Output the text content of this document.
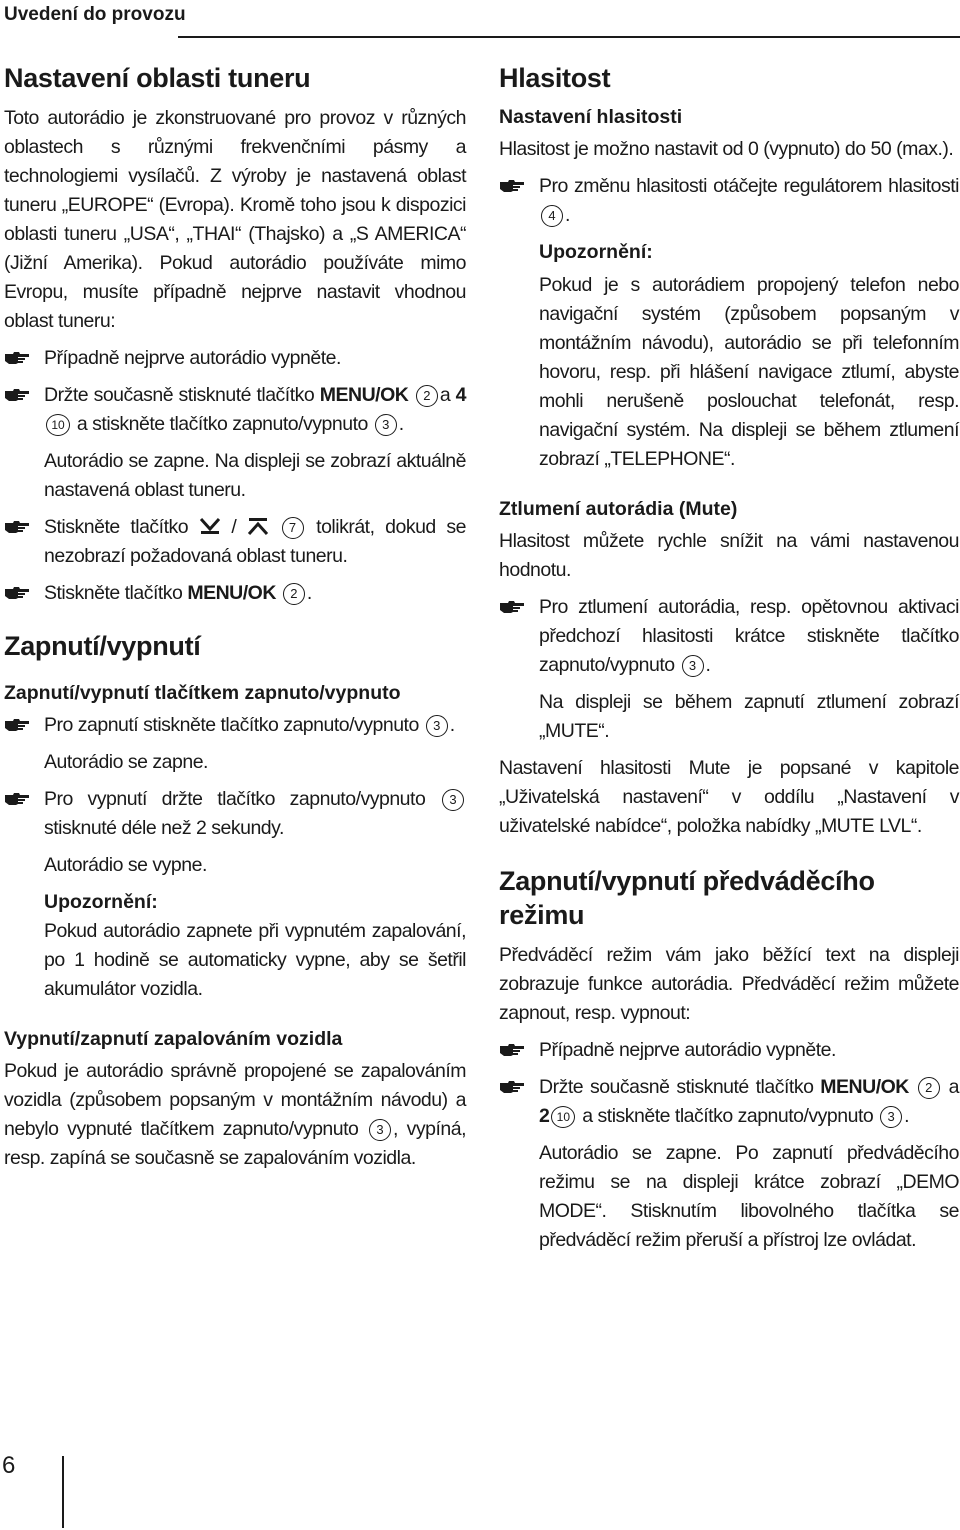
Uvedení do provozu
Nastavení oblasti tuneru

Toto autorádio je zkonstruované pro provoz v různých oblastech s různými frekvenčními pásmy a technologiemi vysílačů. Z výroby je nastavená oblast tuneru „EUROPE“ (Evropa). Kromě toho jsou k dispozici oblasti tuneru „USA“, „THAI“ (Thajsko) a „S AMERICA“ (Jižní Amerika). Pokud autorádio používáte mimo Evropu, musíte případně nejprve nastavit vhodnou oblast tuneru:

Případně nejprve autorádio vypněte.

Držte současně stisknuté tlačítko MENU/OK 2 a 410 a stiskněte tlačítko zapnuto/vypnuto 3 .

Autorádio se zapne. Na displeji se zobrazí aktuálně nastavená oblast tuneru.

Stiskněte tlačítko  /	7 tolikrát, dokud se nezobrazí požadovaná oblast tuneru.

Stiskněte tlačítko MENU/OK 2 .

Zapnutí/vypnutí
Zapnutí/vypnutí tlačítkem zapnuto/vypnuto

Pro zapnutí stiskněte tlačítko zapnuto/vypnuto 3 .

Autorádio se zapne.

Pro vypnutí držte tlačítko zapnuto/vypnuto 3 stisknuté déle než 2 sekundy.

Autorádio se vypne.

Upozornění:

Pokud autorádio zapnete při vypnutém zapalování, po 1 hodině se automaticky vypne, aby se šetřil akumulátor vozidla.

Vypnutí/zapnutí zapalováním vozidla

Pokud je autorádio správně propojené se zapalováním vozidla (způsobem popsaným v montážním návodu) a nebylo vypnuté tlačítkem zapnuto/vypnuto 3 , vypíná, resp. zapíná se současně se zapalováním vozidla.

Hlasitost
Nastavení hlasitosti

Hlasitost je možno nastavit od 0 (vypnuto) do 50 (max.).

Pro změnu hlasitosti otáčejte regulátorem hlasitosti 4 .

Upozornění:

Pokud je s autorádiem propojený telefon nebo navigační systém (způsobem popsaným v montážním návodu), autorádio se při telefonním hovoru, resp. při hlášení navigace ztlumí, abyste mohli nerušeně poslouchat telefonát, resp. navigační systém. Na displeji se během ztlumení zobrazí „TELEPHONE“.

Ztlumení autorádia (Mute)

Hlasitost můžete rychle snížit na vámi nastavenou hodnotu.

Pro ztlumení autorádia, resp. opětovnou aktivaci předchozí hlasitosti krátce stiskněte tlačítko zapnuto/vypnuto 3 .

Na displeji se během zapnutí ztlumení zobrazí „MUTE“.

Nastavení hlasitosti Mute je popsané v kapitole „Uživatelská nastavení“ v oddílu „Nastavení v uživatelské nabídce“, položka nabídky „MUTE LVL“.

Zapnutí/vypnutí předváděcího režimu

Předváděcí režim vám jako běžící text na displeji zobrazuje funkce autorádia. Předváděcí režim můžete zapnout, resp. vypnout:

Případně nejprve autorádio vypněte.

Držte současně stisknuté tlačítko MENU/OK 2 a 2 10 a stiskněte tlačítko zapnuto/vypnuto 3 .

Autorádio se zapne. Po zapnutí předváděcího režimu se na displeji krátce zobrazí „DEMO MODE“. Stisknutím libovolného tlačítka se předváděcí režim přeruší a přístroj lze ovládat.

6
